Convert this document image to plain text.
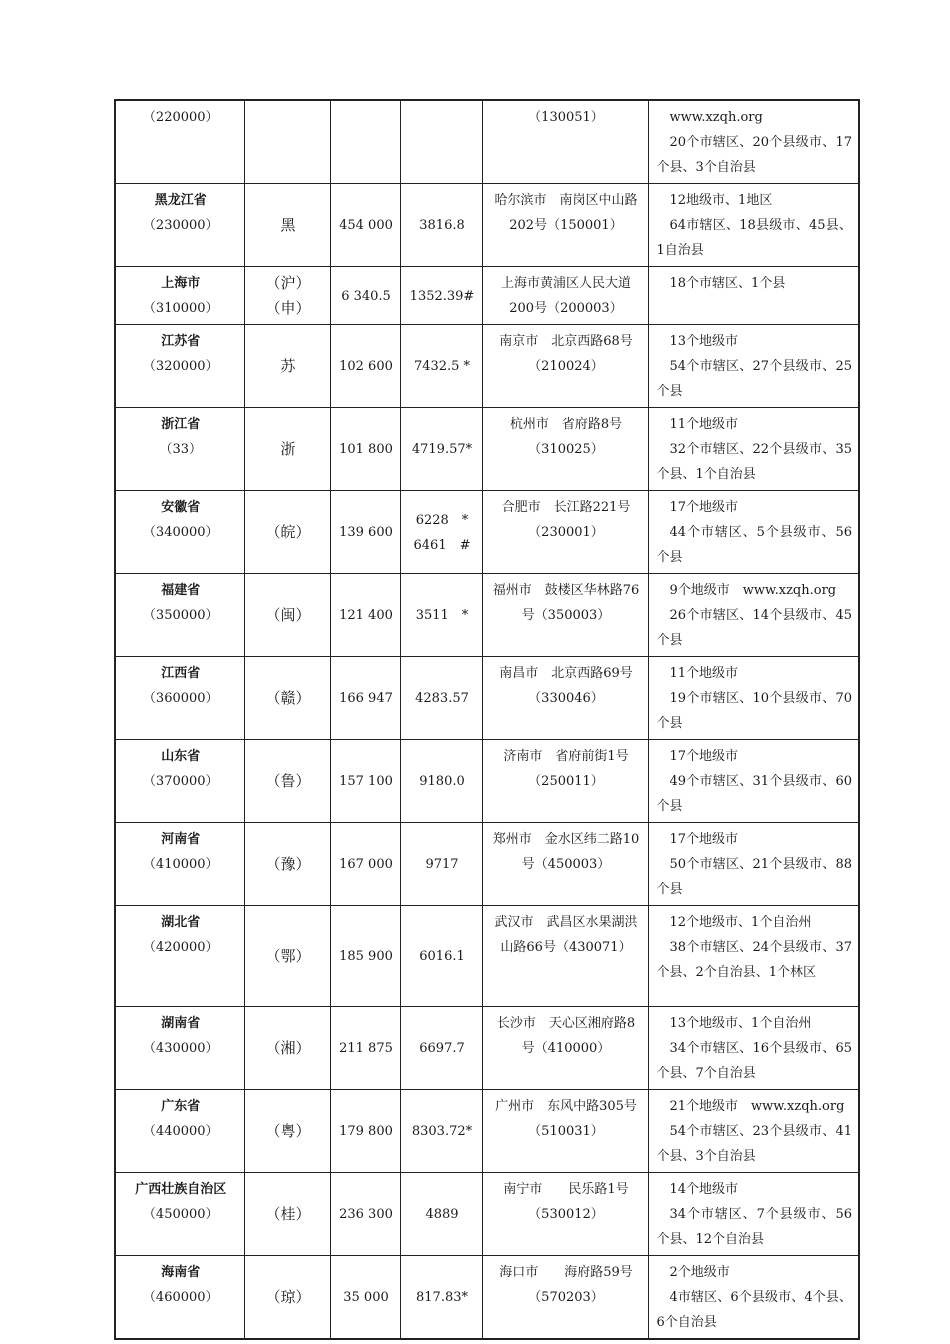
（220000）				（130051）	www.xzqh.org
20个市辖区、20个县级市、17个县、3个自治县

黑龙江省
（230000）	黑	454 000	3816.8	哈尔滨市　南岗区中山路202号（150001）	12地级市、1地区
64市辖区、18县级市、45县、1自治县

上海市
（310000）	（沪）（申）	6 340.5	1352.39#	上海市黄浦区人民大道200号（200003）	18个市辖区、1个县

江苏省
（320000）	苏	102 600	7432.5 *	南京市　北京西路68号（210024）	13个地级市
54个市辖区、27个县级市、25个县

浙江省
（33）	浙	101 800	4719.57*	杭州市　省府路8号（310025）	11个地级市
32个市辖区、22个县级市、35个县、1个自治县

安徽省
（340000）	（皖）	139 600	6228　* 6461　#	合肥市　长江路221号（230001）	17个地级市
44个市辖区、5个县级市、56个县

福建省
（350000）	（闽）	121 400	3511　*	福州市　鼓楼区华林路76号（350003）	9个地级市　www.xzqh.org
26个市辖区、14个县级市、45个县

江西省
（360000）	（赣）	166 947	4283.57	南昌市　北京西路69号（330046）	11个地级市
19个市辖区、10个县级市、70个县

山东省
（370000）	（鲁）	157 100	9180.0	济南市　省府前街1号（250011）	17个地级市
49个市辖区、31个县级市、60个县

河南省
（410000）	（豫）	167 000	9717	郑州市　金水区纬二路10号（450003）	17个地级市
50个市辖区、21个县级市、88个县

湖北省
（420000）	（鄂）	185 900	6016.1	武汉市　武昌区水果湖洪山路66号（430071）	12个地级市、1个自治州
38个市辖区、24个县级市、37个县、2个自治县、1个林区

湖南省
（430000）	（湘）	211 875	6697.7	长沙市　天心区湘府路8号（410000）	13个地级市、1个自治州
34个市辖区、16个县级市、65个县、7个自治县

广东省
（440000）	（粤）	179 800	8303.72*	广州市　东风中路305号（510031）	21个地级市　www.xzqh.org
54个市辖区、23个县级市、41个县、3个自治县

广西壮族自治区
（450000）	（桂）	236 300	4889	南宁市　　民乐路1号（530012）	14个地级市
34个市辖区、7个县级市、56个县、12个自治县

海南省
（460000）	（琼）	35 000	817.83*	海口市　　海府路59号（570203）	2个地级市
4市辖区、6个县级市、4个县、6个自治县
